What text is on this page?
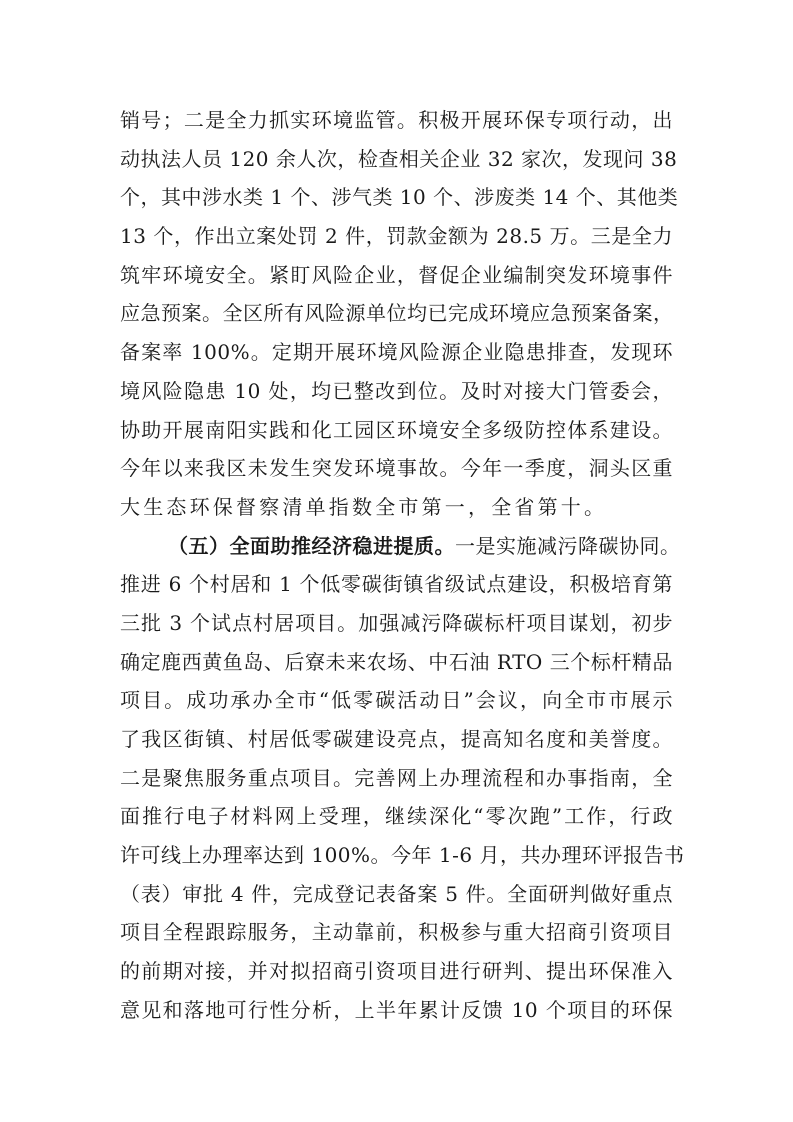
销号；二是全力抓实环境监管。积极开展环保专项行动，出
动执法人员 120 余人次，检查相关企业 32 家次，发现问 38
个，其中涉水类 1 个、涉气类 10 个、涉废类 14 个、其他类
13 个，作出立案处罚 2 件，罚款金额为 28.5 万。三是全力
筑牢环境安全。紧盯风险企业，督促企业编制突发环境事件
应急预案。全区所有风险源单位均已完成环境应急预案备案，
备案率 100%。定期开展环境风险源企业隐患排查，发现环
境风险隐患 10 处，均已整改到位。及时对接大门管委会，
协助开展南阳实践和化工园区环境安全多级防控体系建设。
今年以来我区未发生突发环境事故。今年一季度，洞头区重
大生态环保督察清单指数全市第一，全省第十。
（五）全面助推经济稳进提质。一是实施减污降碳协同。
推进 6 个村居和 1 个低零碳街镇省级试点建设，积极培育第
三批 3 个试点村居项目。加强减污降碳标杆项目谋划，初步
确定鹿西黄鱼岛、后寮未来农场、中石油 RTO 三个标杆精品
项目。成功承办全市“低零碳活动日”会议，向全市市展示
了我区街镇、村居低零碳建设亮点，提高知名度和美誉度。
二是聚焦服务重点项目。完善网上办理流程和办事指南，全
面推行电子材料网上受理，继续深化“零次跑”工作，行政
许可线上办理率达到 100%。今年 1-6 月，共办理环评报告书
（表）审批 4 件，完成登记表备案 5 件。全面研判做好重点
项目全程跟踪服务，主动靠前，积极参与重大招商引资项目
的前期对接，并对拟招商引资项目进行研判、提出环保准入
意见和落地可行性分析，上半年累计反馈 10 个项目的环保
